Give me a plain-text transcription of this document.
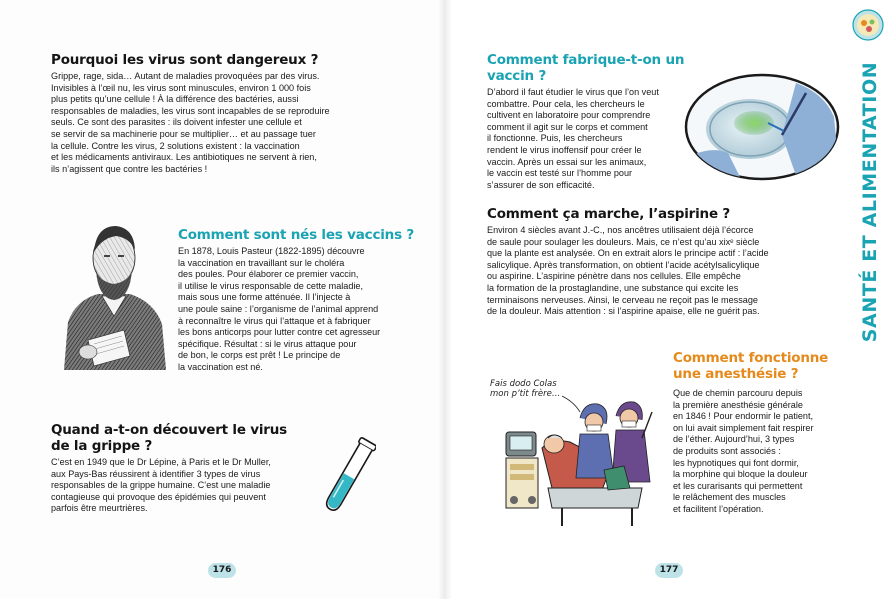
Pourquoi les virus sont dangereux ?

Grippe, rage, sida… Autant de maladies provoquées par des virus.
Invisibles à l’œil nu, les virus sont minuscules, environ 1 000 fois
plus petits qu’une cellule ! À la différence des bactéries, aussi
responsables de maladies, les virus sont incapables de se reproduire
seuls. Ce sont des parasites : ils doivent infester une cellule et
se servir de sa machinerie pour se multiplier… et au passage tuer
la cellule. Contre les virus, 2 solutions existent : la vaccination
et les médicaments antiviraux. Les antibiotiques ne servent à rien,
ils n’agissent que contre les bactéries !

Comment sont nés les vaccins ?

En 1878, Louis Pasteur (1822-1895) découvre
la vaccination en travaillant sur le choléra
des poules. Pour élaborer ce premier vaccin,
il utilise le virus responsable de cette maladie,
mais sous une forme atténuée. Il l’injecte à
une poule saine : l’organisme de l’animal apprend
à reconnaître le virus qui l’attaque et à fabriquer
les bons anticorps pour lutter contre cet agresseur
spécifique. Résultat : si le virus attaque pour
de bon, le corps est prêt ! Le principe de
la vaccination est né.

Quand a-t-on découvert le virus
de la grippe ?

C’est en 1949 que le Dr Lépine, à Paris et le Dr Muller,
aux Pays-Bas réussirent à identifier 3 types de virus
responsables de la grippe humaine. C’est une maladie
contagieuse qui provoque des épidémies qui peuvent
parfois être meurtrières.

176
Comment fabrique-t-on un vaccin ?

D’abord il faut étudier le virus que l’on veut
combattre. Pour cela, les chercheurs le
cultivent en laboratoire pour comprendre
comment il agit sur le corps et comment
il fonctionne. Puis, les chercheurs
rendent le virus inoffensif pour créer le
vaccin. Après un essai sur les animaux,
le vaccin est testé sur l’homme pour
s’assurer de son efficacité.

Comment ça marche, l’aspirine ?

Environ 4 siècles avant J.-C., nos ancêtres utilisaient déjà l’écorce
de saule pour soulager les douleurs. Mais, ce n’est qu’au xixᵉ siècle
que la plante est analysée. On en extrait alors le principe actif : l’acide
salicylique. Après transformation, on obtient l’acide acétylsalicylique
ou aspirine. L’aspirine pénètre dans nos cellules. Elle empêche
la formation de la prostaglandine, une substance qui excite les
terminaisons nerveuses. Ainsi, le cerveau ne reçoit pas le message
de la douleur. Mais attention : si l’aspirine apaise, elle ne guérit pas.

Fais dodo Colas
mon p’tit frère…
Comment fonctionne
une anesthésie ?

Que de chemin parcouru depuis
la première anesthésie générale
en 1846 ! Pour endormir le patient,
on lui avait simplement fait respirer
de l’éther. Aujourd’hui, 3 types
de produits sont associés :
les hypnotiques qui font dormir,
la morphine qui bloque la douleur
et les curarisants qui permettent
le relâchement des muscles
et facilitent l’opération.

177
SANTÉ ET ALIMENTATION
